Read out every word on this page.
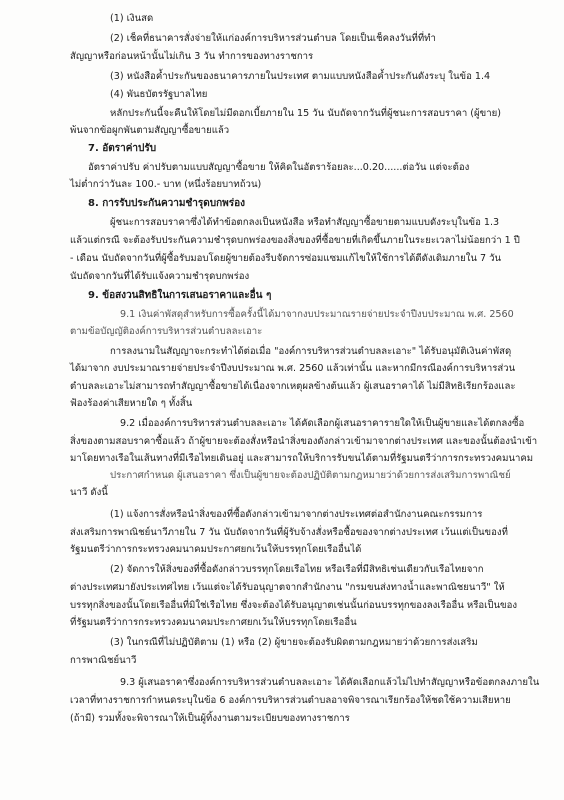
(1) เงินสด
(2) เช็คที่ธนาคารสั่งจ่ายให้แก่องค์การบริหารส่วนตำบล โดยเป็นเช็คลงวันที่ที่ทำ
สัญญาหรือก่อนหน้านั้นไม่เกิน 3 วัน ทำการของทางราชการ
(3) หนังสือค้ำประกันของธนาคารภายในประเทศ ตามแบบหนังสือค้ำประกันดังระบุ ในข้อ 1.4
(4) พันธบัตรรัฐบาลไทย
หลักประกันนี้จะคืนให้โดยไม่มีดอกเบี้ยภายใน 15 วัน นับถัดจากวันที่ผู้ชนะการสอบราคา (ผู้ขาย)
พ้นจากข้อผูกพันตามสัญญาซื้อขายแล้ว
7. อัตราค่าปรับ
อัตราค่าปรับ ค่าปรับตามแบบสัญญาซื้อขาย ให้คิดในอัตราร้อยละ...0.20......ต่อวัน แต่จะต้อง
ไม่ต่ำกว่าวันละ 100.- บาท (หนึ่งร้อยบาทถ้วน)
8. การรับประกันความชำรุดบกพร่อง
ผู้ชนะการสอบราคาซึ่งได้ทำข้อตกลงเป็นหนังสือ หรือทำสัญญาซื้อขายตามแบบดังระบุในข้อ 1.3
แล้วแต่กรณี จะต้องรับประกันความชำรุดบกพร่องของสิ่งของที่ซื้อขายที่เกิดขึ้นภายในระยะเวลาไม่น้อยกว่า 1 ปี
- เดือน นับถัดจากวันที่ผู้ซื้อรับมอบโดยผู้ขายต้องรีบจัดการซ่อมแซมแก้ไขให้ใช้การได้ดีดังเดิมภายใน 7 วัน
นับถัดจากวันที่ได้รับแจ้งความชำรุดบกพร่อง
9. ข้อสงวนสิทธิในการเสนอราคาและอื่น ๆ
9.1 เงินค่าพัสดุสำหรับการซื้อครั้งนี้ได้มาจากงบประมาณรายจ่ายประจำปีงบประมาณ พ.ศ. 2560
ตามข้อบัญญัติองค์การบริหารส่วนตำบลละเอาะ
การลงนามในสัญญาจะกระทำได้ต่อเมื่อ "องค์การบริหารส่วนตำบลละเอาะ" ได้รับอนุมัติเงินค่าพัสดุ
ได้มาจาก งบประมาณรายจ่ายประจำปีงบประมาณ พ.ศ. 2560 แล้วเท่านั้น และหากมีกรณีองค์การบริหารส่วน
ตำบลละเอาะไม่สามารถทำสัญญาซื้อขายได้เนื่องจากเหตุผลข้างต้นแล้ว ผู้เสนอราคาได้ ไม่มีสิทธิเรียกร้องและ
ฟ้องร้องค่าเสียหายใด ๆ ทั้งสิ้น
9.2 เมื่อองค์การบริหารส่วนตำบลละเอาะ ได้คัดเลือกผู้เสนอราคารายใดให้เป็นผู้ขายและได้ตกลงซื้อ
สิ่งของตามสอบราคาซื้อแล้ว ถ้าผู้ขายจะต้องสั่งหรือนำสิ่งของดังกล่าวเข้ามาจากต่างประเทศ และของนั้นต้องนำเข้า
มาโดยทางเรือในเส้นทางที่มีเรือไทยเดินอยู่ และสามารถให้บริการรับขนได้ตามที่รัฐมนตรีว่าการกระทรวงคมนาคม
ประกาศกำหนด ผู้เสนอราคา ซึ่งเป็นผู้ขายจะต้องปฏิบัติตามกฎหมายว่าด้วยการส่งเสริมการพาณิชย์
นาวี ดังนี้
(1) แจ้งการสั่งหรือนำสิ่งของที่ซื้อดังกล่าวเข้ามาจากต่างประเทศต่อสำนักงานคณะกรรมการ
ส่งเสริมการพาณิชย์นาวีภายใน 7 วัน นับถัดจากวันที่ผู้รับจ้างสั่งหรือซื้อของจากต่างประเทศ เว้นแต่เป็นของที่
รัฐมนตรีว่าการกระทรวงคมนาคมประกาศยกเว้นให้บรรทุกโดยเรืออื่นได้
(2) จัดการให้สิ่งของที่ซื้อดังกล่าวบรรทุกโดยเรือไทย หรือเรือที่มีสิทธิเช่นเดียวกับเรือไทยจาก
ต่างประเทศมายังประเทศไทย เว้นแต่จะได้รับอนุญาตจากสำนักงาน "กรมขนส่งทางน้ำและพาณิชยนาวี" ให้
บรรทุกสิ่งของนั้นโดยเรืออื่นที่มิใช่เรือไทย ซึ่งจะต้องได้รับอนุญาตเช่นนั้นก่อนบรรทุกของลงเรืออื่น หรือเป็นของ
ที่รัฐมนตรีว่าการกระทรวงคมนาคมประกาศยกเว้นให้บรรทุกโดยเรืออื่น
(3) ในกรณีที่ไม่ปฏิบัติตาม (1) หรือ (2) ผู้ขายจะต้องรับผิดตามกฎหมายว่าด้วยการส่งเสริม
การพาณิชย์นาวี
9.3 ผู้เสนอราคาซึ่งองค์การบริหารส่วนตำบลละเอาะ ได้คัดเลือกแล้วไม่ไปทำสัญญาหรือข้อตกลงภายใน
เวลาที่ทางราชการกำหนดระบุในข้อ 6 องค์การบริหารส่วนตำบลอาจพิจารณาเรียกร้องให้ชดใช้ความเสียหาย
(ถ้ามี) รวมทั้งจะพิจารณาให้เป็นผู้ทิ้งงานตามระเบียบของทางราชการ
